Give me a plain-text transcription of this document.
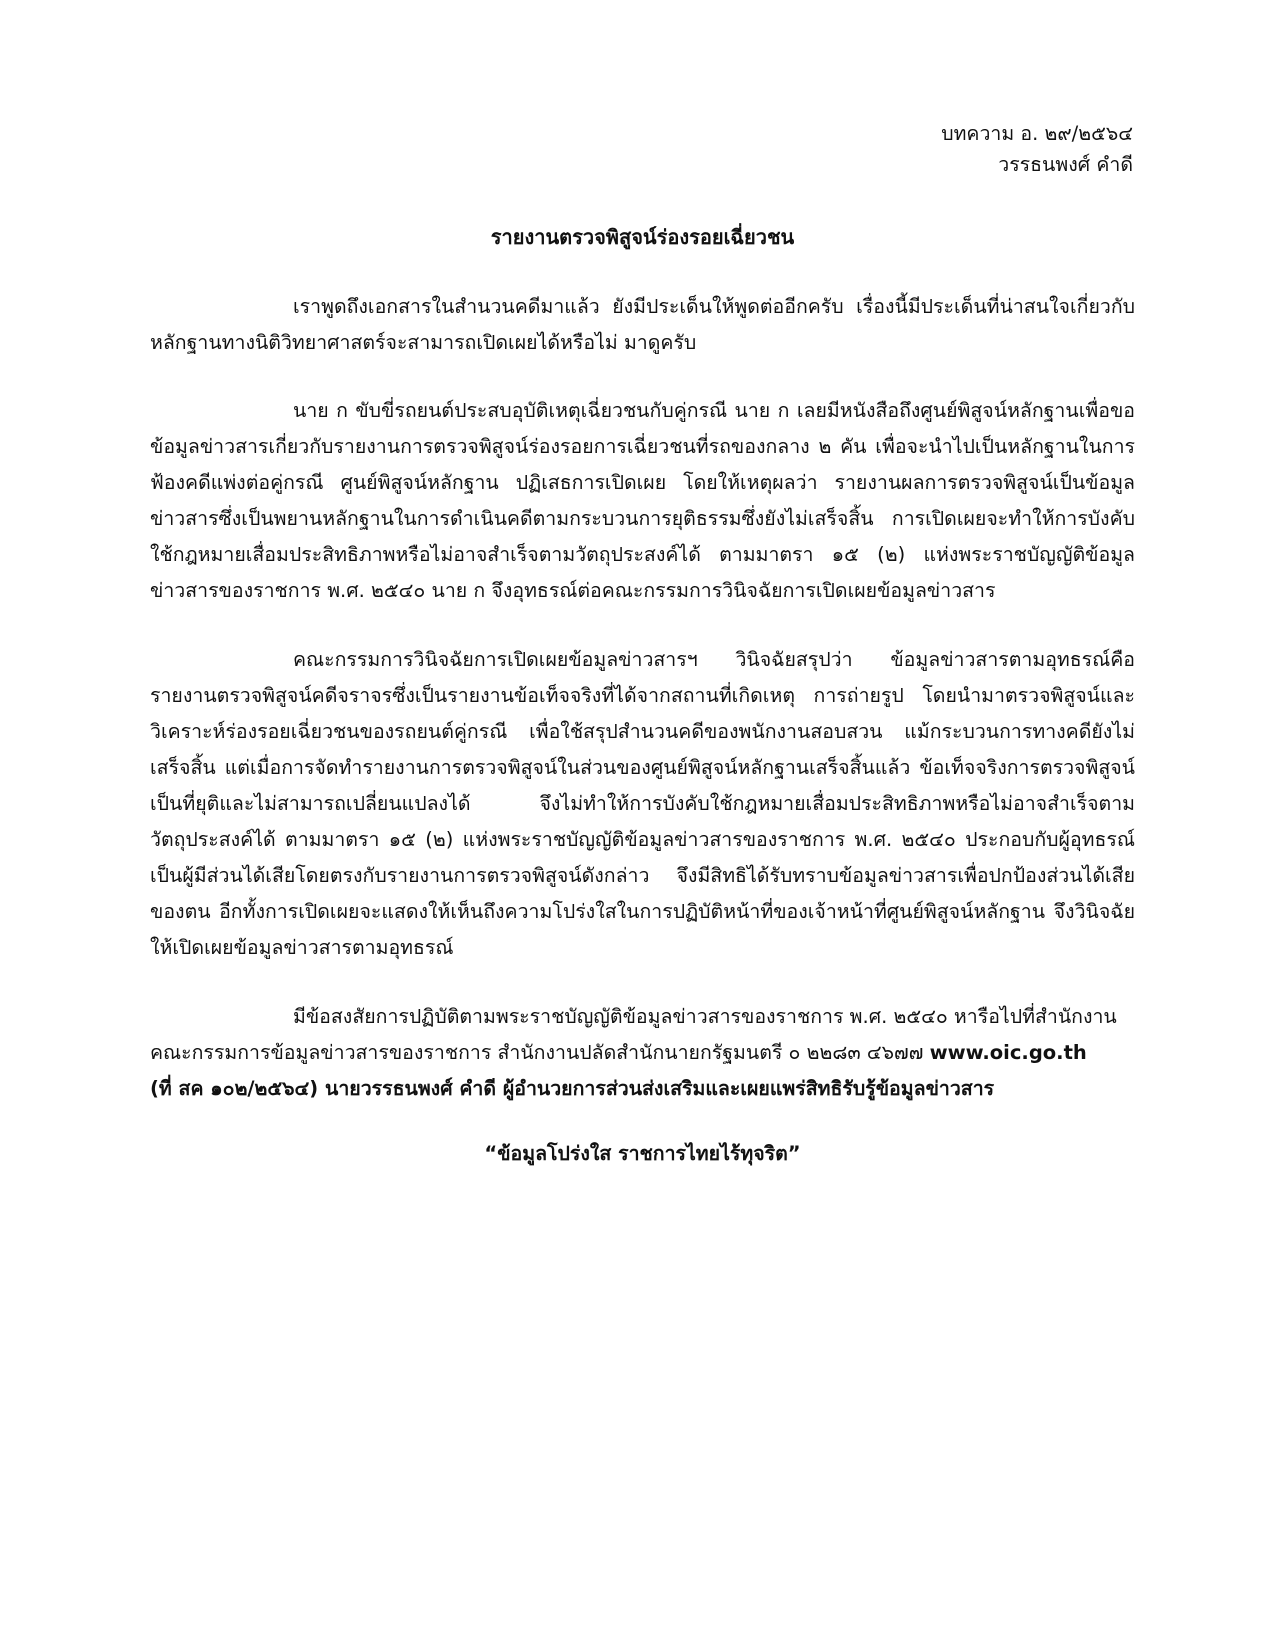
บทความ อ. ๒๙/๒๕๖๔
วรรธนพงศ์ คำดี
รายงานตรวจพิสูจน์ร่องรอยเฉี่ยวชน

เราพูดถึงเอกสารในสำนวนคดีมาแล้ว ยังมีประเด็นให้พูดต่ออีกครับ เรื่องนี้มีประเด็นที่น่าสนใจเกี่ยวกับหลักฐานทางนิติวิทยาศาสตร์จะสามารถเปิดเผยได้หรือไม่ มาดูครับ

นาย ก ขับขี่รถยนต์ประสบอุบัติเหตุเฉี่ยวชนกับคู่กรณี นาย ก เลยมีหนังสือถึงศูนย์พิสูจน์หลักฐานเพื่อขอข้อมูลข่าวสารเกี่ยวกับรายงานการตรวจพิสูจน์ร่องรอยการเฉี่ยวชนที่รถของกลาง ๒ คัน เพื่อจะนำไปเป็นหลักฐานในการฟ้องคดีแพ่งต่อคู่กรณี ศูนย์พิสูจน์หลักฐาน ปฏิเสธการเปิดเผย โดยให้เหตุผลว่า รายงานผลการตรวจพิสูจน์เป็นข้อมูลข่าวสารซึ่งเป็นพยานหลักฐานในการดำเนินคดีตามกระบวนการยุติธรรมซึ่งยังไม่เสร็จสิ้น การเปิดเผยจะทำให้การบังคับใช้กฎหมายเสื่อมประสิทธิภาพหรือไม่อาจสำเร็จตามวัตถุประสงค์ได้ ตามมาตรา ๑๕ (๒) แห่งพระราชบัญญัติข้อมูลข่าวสารของราชการ พ.ศ. ๒๕๔๐ นาย ก จึงอุทธรณ์ต่อคณะกรรมการวินิจฉัยการเปิดเผยข้อมูลข่าวสาร

คณะกรรมการวินิจฉัยการเปิดเผยข้อมูลข่าวสารฯ วินิจฉัยสรุปว่า ข้อมูลข่าวสารตามอุทธรณ์คือรายงานตรวจพิสูจน์คดีจราจรซึ่งเป็นรายงานข้อเท็จจริงที่ได้จากสถานที่เกิดเหตุ การถ่ายรูป โดยนำมาตรวจพิสูจน์และวิเคราะห์ร่องรอยเฉี่ยวชนของรถยนต์คู่กรณี เพื่อใช้สรุปสำนวนคดีของพนักงานสอบสวน แม้กระบวนการทางคดียังไม่เสร็จสิ้น แต่เมื่อการจัดทำรายงานการตรวจพิสูจน์ในส่วนของศูนย์พิสูจน์หลักฐานเสร็จสิ้นแล้ว ข้อเท็จจริงการตรวจพิสูจน์เป็นที่ยุติและไม่สามารถเปลี่ยนแปลงได้ จึงไม่ทำให้การบังคับใช้กฎหมายเสื่อมประสิทธิภาพหรือไม่อาจสำเร็จตามวัตถุประสงค์ได้ ตามมาตรา ๑๕ (๒) แห่งพระราชบัญญัติข้อมูลข่าวสารของราชการ พ.ศ. ๒๕๔๐ ประกอบกับผู้อุทธรณ์เป็นผู้มีส่วนได้เสียโดยตรงกับรายงานการตรวจพิสูจน์ดังกล่าว จึงมีสิทธิได้รับทราบข้อมูลข่าวสารเพื่อปกป้องส่วนได้เสียของตน อีกทั้งการเปิดเผยจะแสดงให้เห็นถึงความโปร่งใสในการปฏิบัติหน้าที่ของเจ้าหน้าที่ศูนย์พิสูจน์หลักฐาน จึงวินิจฉัยให้เปิดเผยข้อมูลข่าวสารตามอุทธรณ์

มีข้อสงสัยการปฏิบัติตามพระราชบัญญัติข้อมูลข่าวสารของราชการ พ.ศ. ๒๕๔๐ หารือไปที่สำนักงาน

คณะกรรมการข้อมูลข่าวสารของราชการ สำนักงานปลัดสำนักนายกรัฐมนตรี ๐ ๒๒๘๓ ๔๖๗๗ www.oic.go.th

(ที่ สค ๑๐๒/๒๕๖๔) นายวรรธนพงศ์ คำดี ผู้อำนวยการส่วนส่งเสริมและเผยแพร่สิทธิรับรู้ข้อมูลข่าวสาร

“ข้อมูลโปร่งใส ราชการไทยไร้ทุจริต”
